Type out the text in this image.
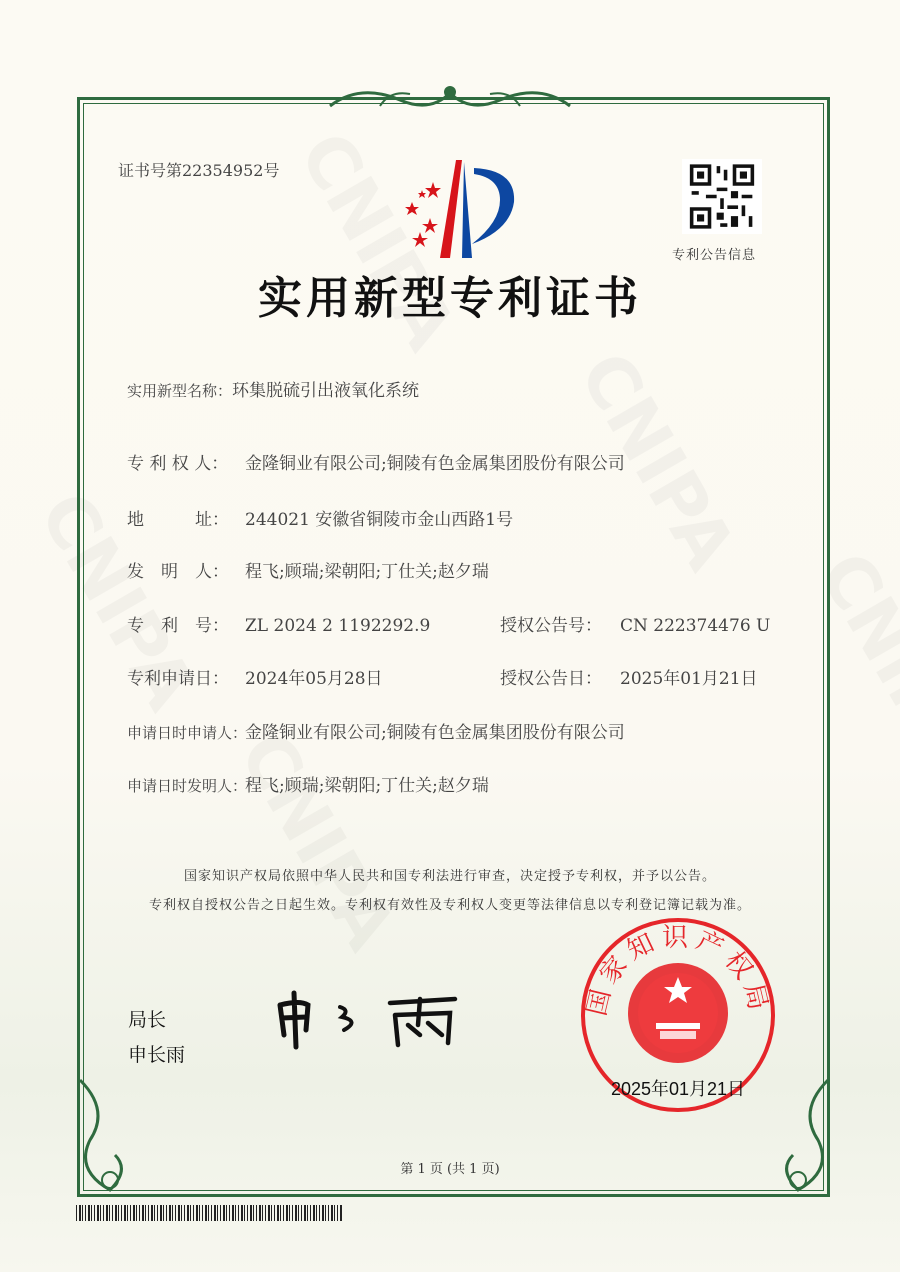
证书号第22354952号
专利公告信息
实用新型专利证书
实用新型名称：环集脱硫引出液氧化系统
专 利 权 人： 金隆铜业有限公司;铜陵有色金属集团股份有限公司
地　　　址： 244021 安徽省铜陵市金山西路1号
发　明　人： 程飞;顾瑞;梁朝阳;丁仕关;赵夕瑞
专　利　号： ZL 2024 2 1192292.9	授权公告号： CN 222374476 U
专利申请日： 2024年05月28日	授权公告日： 2025年01月21日
申请日时申请人：金隆铜业有限公司;铜陵有色金属集团股份有限公司
申请日时发明人：程飞;顾瑞;梁朝阳;丁仕关;赵夕瑞
国家知识产权局依照中华人民共和国专利法进行审查，决定授予专利权，并予以公告。
专利权自授权公告之日起生效。专利权有效性及专利权人变更等法律信息以专利登记簿记载为准。
局长
申长雨
国家知识产权局
2025年01月21日
第 1 页 (共 1 页)
